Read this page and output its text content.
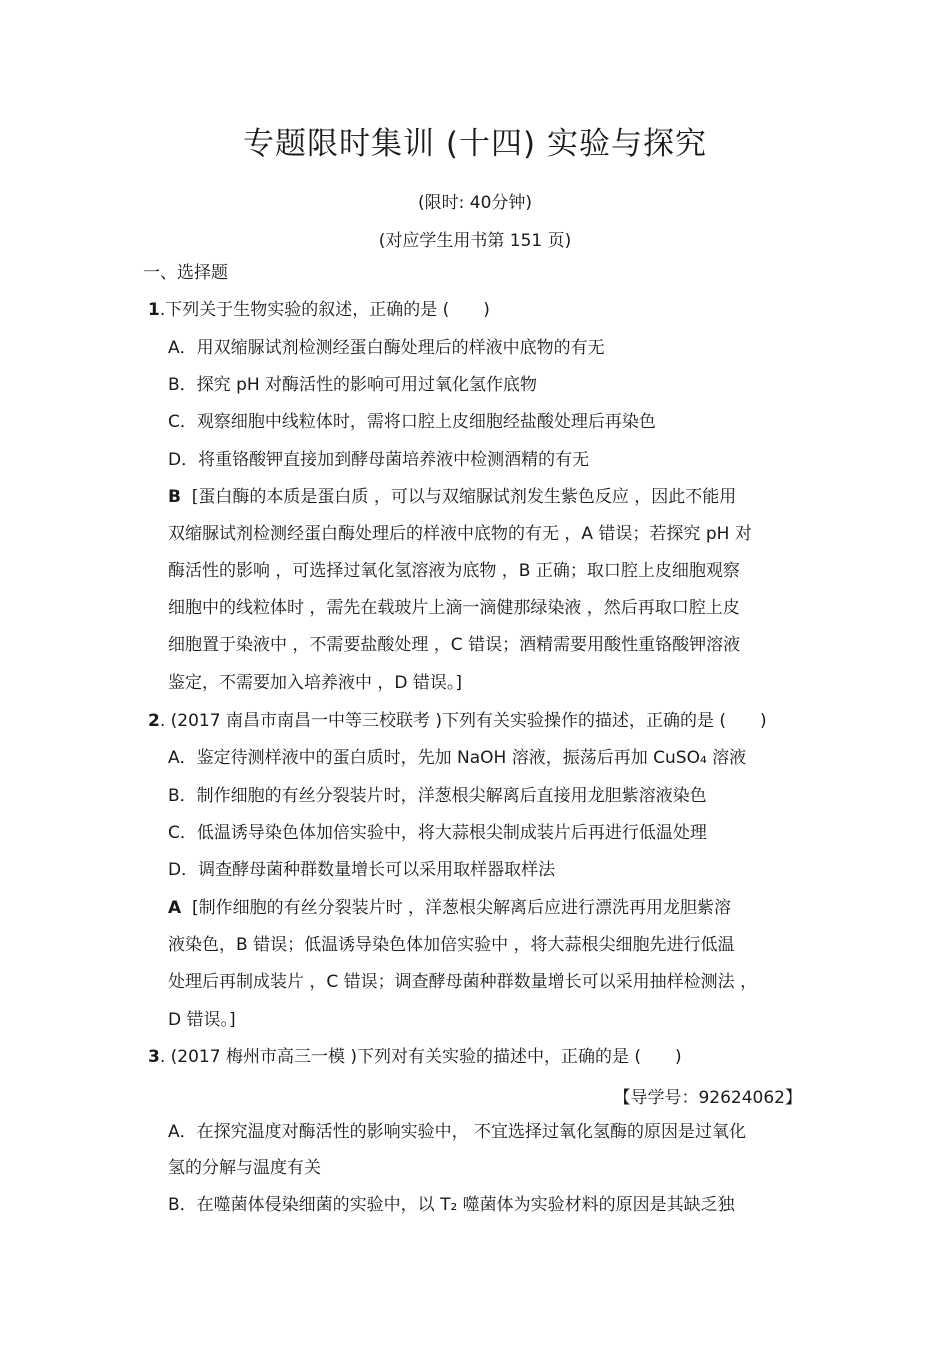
专题限时集训 (十四) 实验与探究
(限时: 40分钟)
(对应学生用书第 151 页)
一、选择题
1.下列关于生物实验的叙述，正确的是 (　　)
A．用双缩脲试剂检测经蛋白酶处理后的样液中底物的有无
B．探究 pH 对酶活性的影响可用过氧化氢作底物
C．观察细胞中线粒体时，需将口腔上皮细胞经盐酸处理后再染色
D．将重铬酸钾直接加到酵母菌培养液中检测酒精的有无
B [蛋白酶的本质是蛋白质 ，可以与双缩脲试剂发生紫色反应 ，因此不能用
双缩脲试剂检测经蛋白酶处理后的样液中底物的有无 ，A 错误；若探究 pH 对
酶活性的影响 ，可选择过氧化氢溶液为底物 ，B 正确；取口腔上皮细胞观察
细胞中的线粒体时 ，需先在载玻片上滴一滴健那绿染液 ，然后再取口腔上皮
细胞置于染液中 ，不需要盐酸处理 ，C 错误；酒精需要用酸性重铬酸钾溶液
鉴定，不需要加入培养液中 ，D 错误。]
2. (2017 南昌市南昌一中等三校联考 )下列有关实验操作的描述，正确的是 (　　)
A．鉴定待测样液中的蛋白质时，先加 NaOH 溶液，振荡后再加 CuSO₄ 溶液
B．制作细胞的有丝分裂装片时，洋葱根尖解离后直接用龙胆紫溶液染色
C．低温诱导染色体加倍实验中，将大蒜根尖制成装片后再进行低温处理
D．调查酵母菌种群数量增长可以采用取样器取样法
A [制作细胞的有丝分裂装片时 ，洋葱根尖解离后应进行漂洗再用龙胆紫溶
液染色，B 错误；低温诱导染色体加倍实验中 ，将大蒜根尖细胞先进行低温
处理后再制成装片 ，C 错误；调查酵母菌种群数量增长可以采用抽样检测法 ，
D 错误。]
3. (2017 梅州市高三一模 )下列对有关实验的描述中，正确的是 (　　)
【导学号：92624062】
A．在探究温度对酶活性的影响实验中， 不宜选择过氧化氢酶的原因是过氧化
氢的分解与温度有关
B．在噬菌体侵染细菌的实验中，以 T₂ 噬菌体为实验材料的原因是其缺乏独
